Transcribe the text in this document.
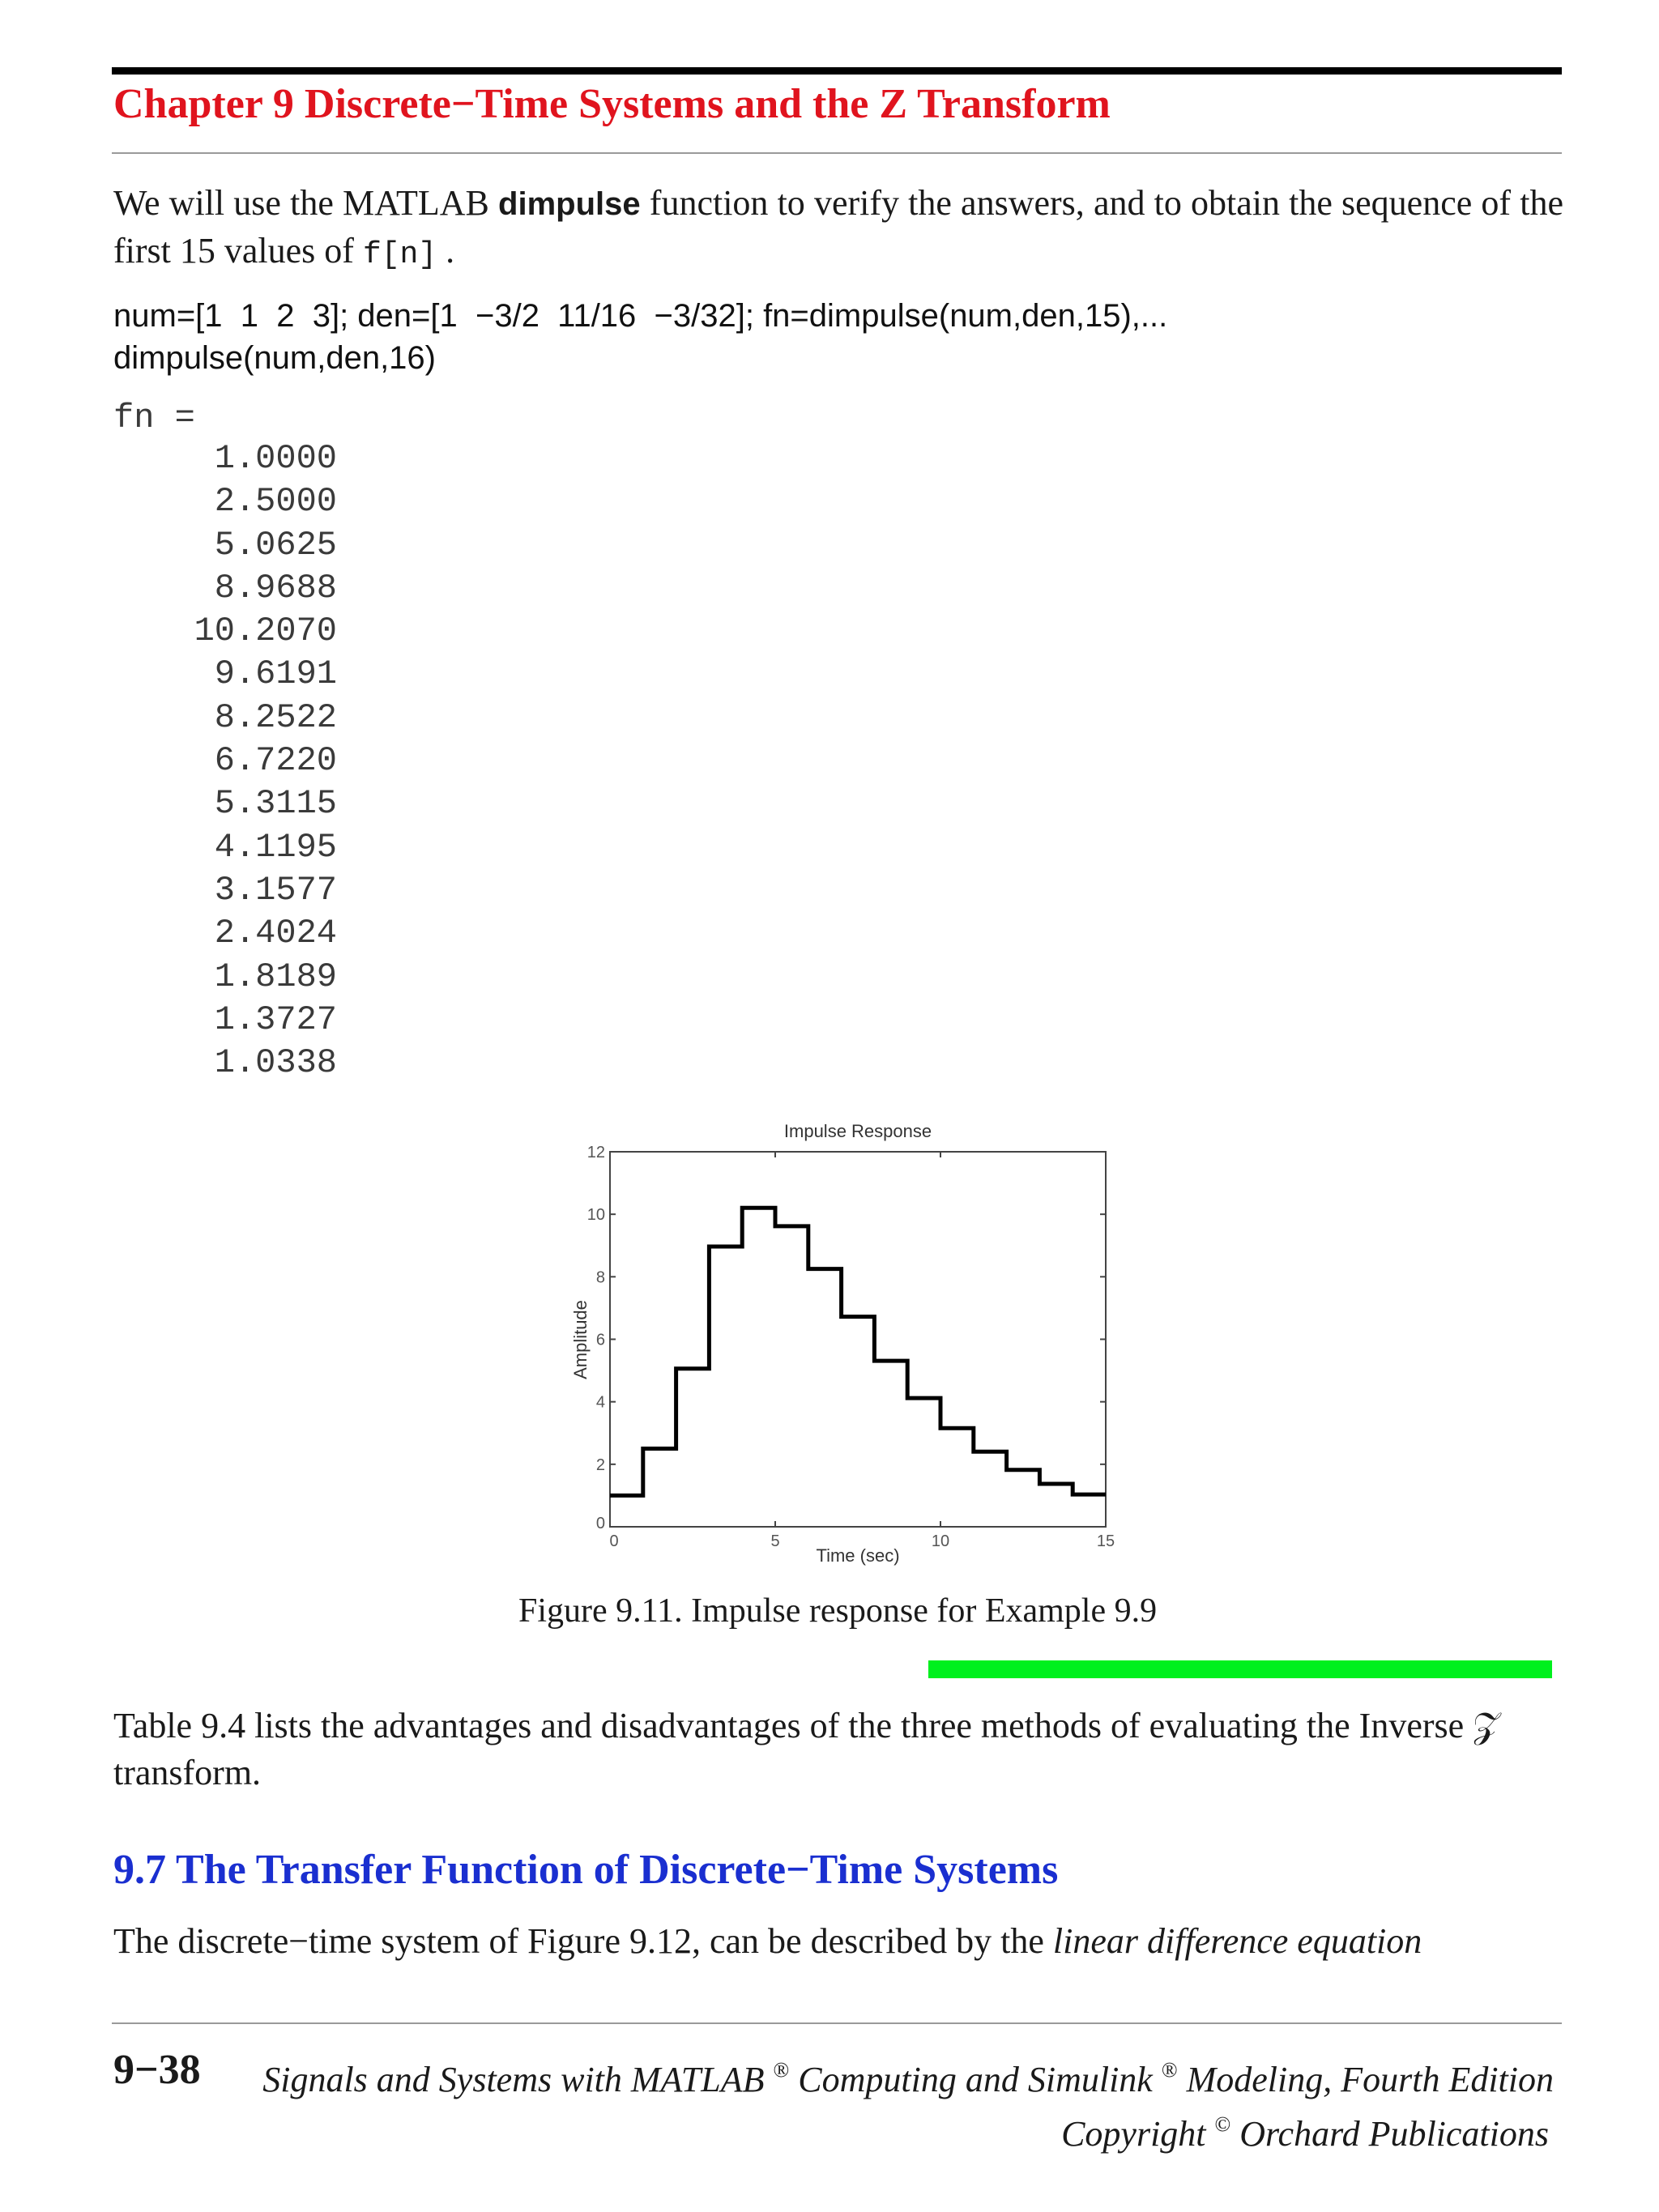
Chapter 9 Discrete−Time Systems and the Z Transform
We will use the MATLAB dimpulse function to verify the answers, and to obtain the sequence of the first 15 values of f[n] .
num=[1  1  2  3]; den=[1  −3/2  11/16  −3/32]; fn=dimpulse(num,den,15),...
dimpulse(num,den,16)
fn =
1.0000
2.5000
5.0625
8.9688
10.2070
9.6191
8.2522
6.7220
5.3115
4.1195
3.1577
2.4024
1.8189
1.3727
1.0338
Impulse Response
0	5	10	15
0
2
4
6
8
10
12
Time (sec)
Amplitude
Figure 9.11. Impulse response for Example 9.9
Table 9.4 lists the advantages and disadvantages of the three methods of evaluating the Inverse 𝒵 transform.
9.7 The Transfer Function of Discrete−Time Systems
The discrete−time system of Figure 9.12, can be described by the linear difference equation
9−38	Signals and Systems with MATLAB ® Computing and Simulink ® Modeling, Fourth Edition
Copyright © Orchard Publications
